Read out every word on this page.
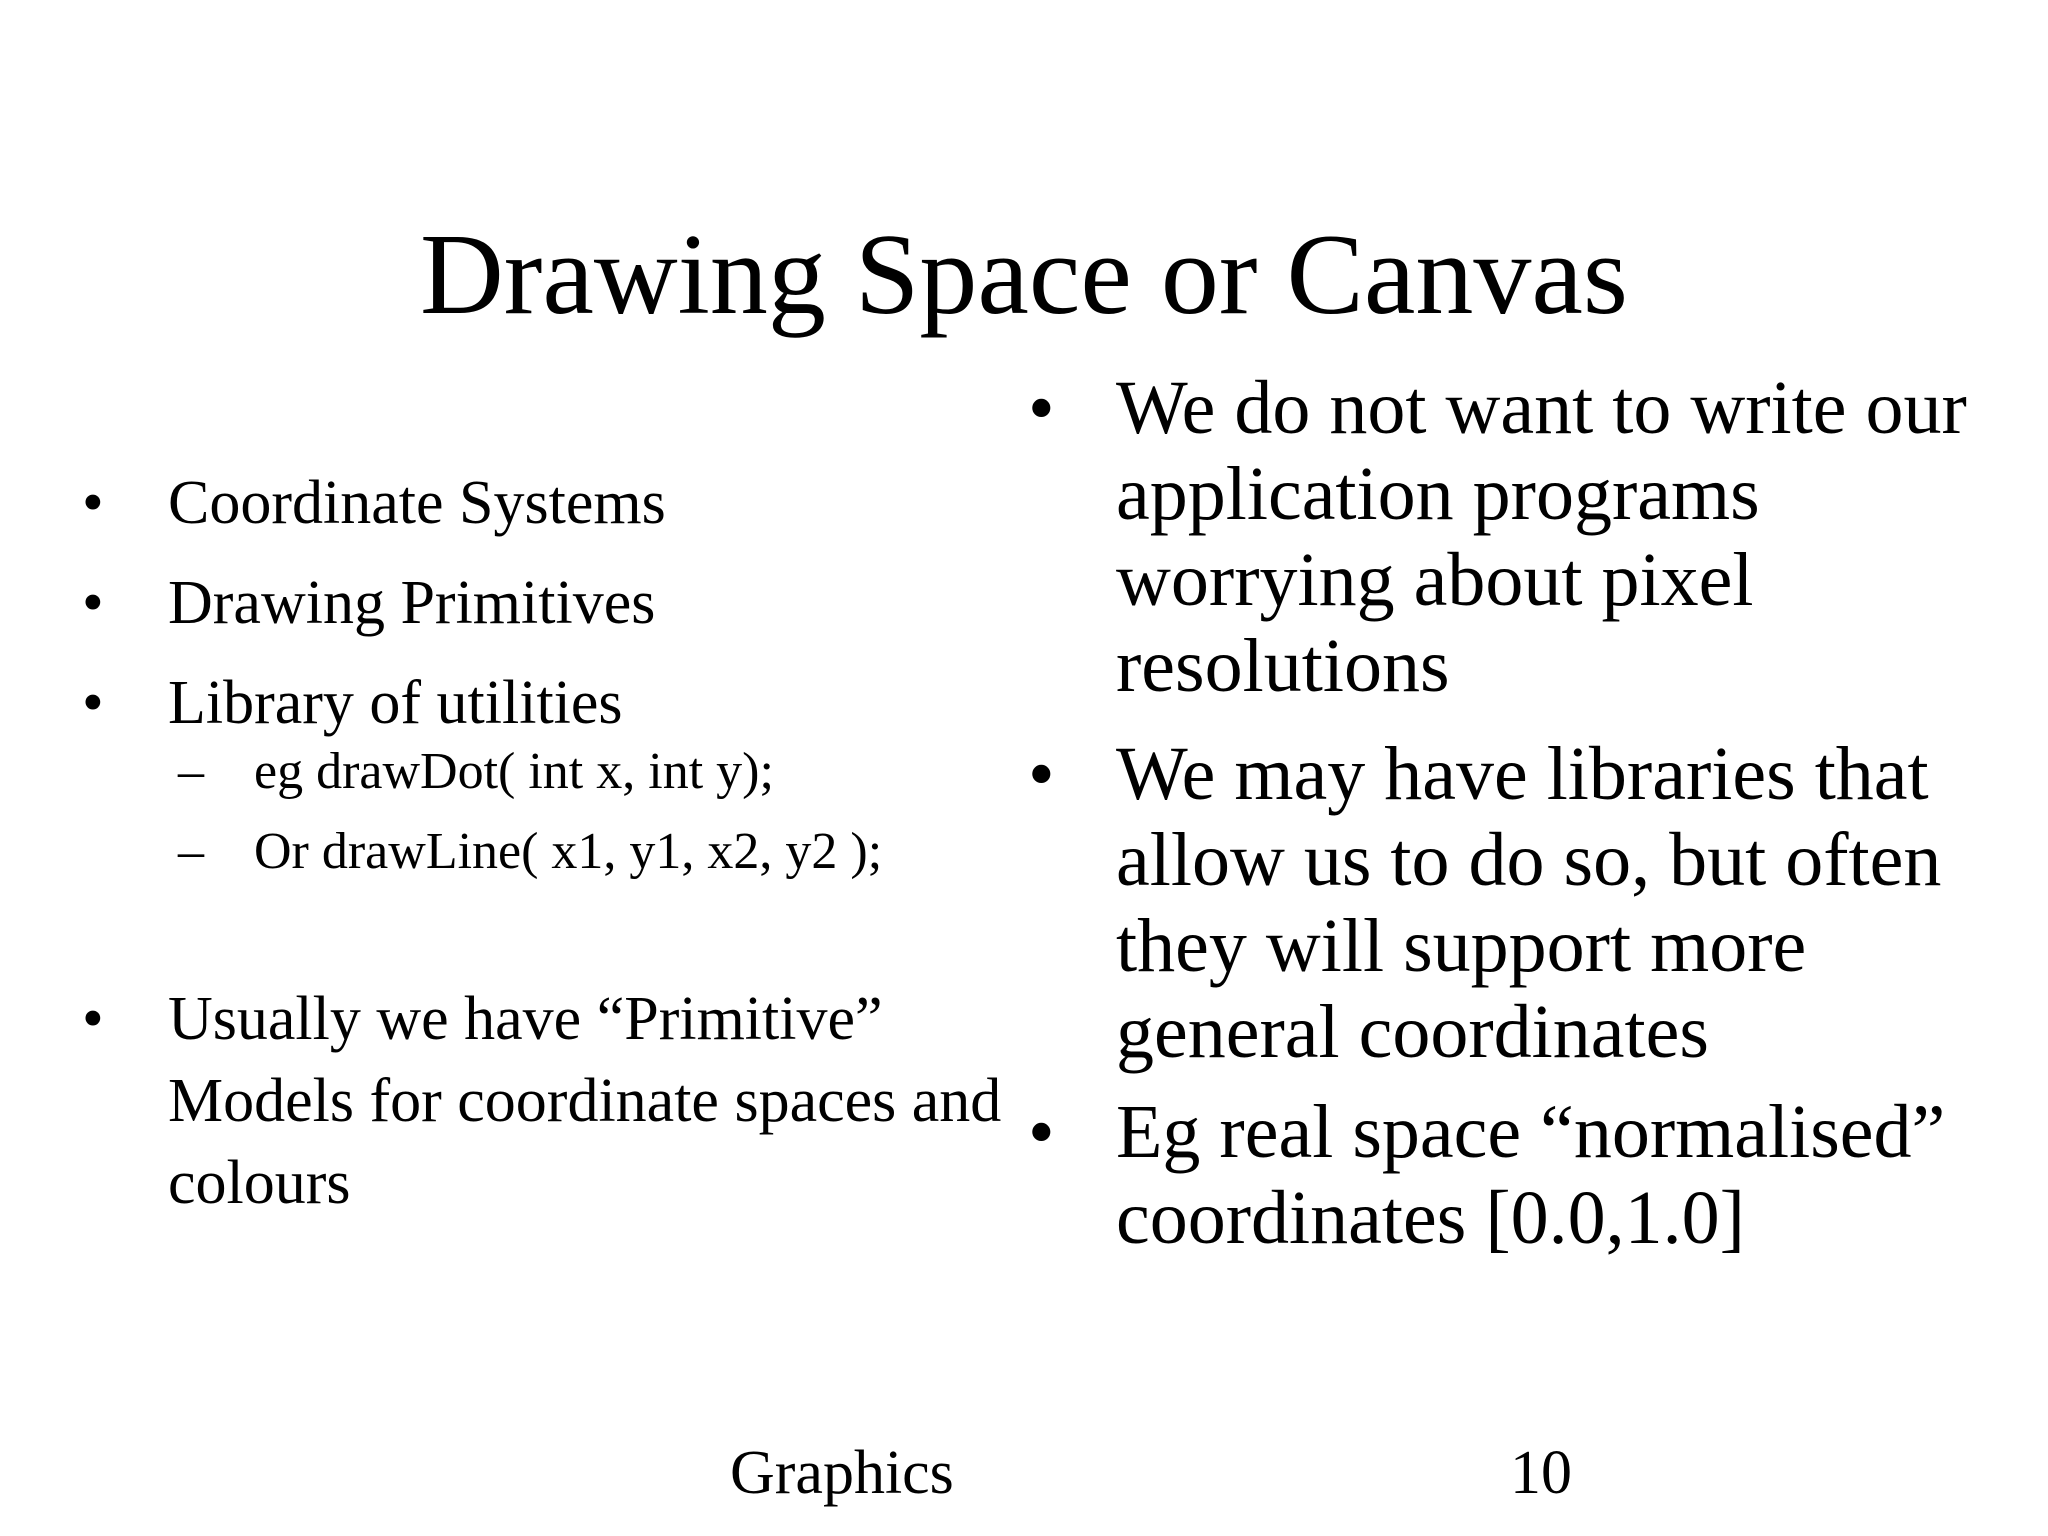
Drawing Space or Canvas
• Coordinate Systems
• Drawing Primitives
• Library of utilities
– eg drawDot( int x, int y);
– Or drawLine( x1, y1, x2, y2 );
• Usually we have “Primitive” Models for coordinate spaces and colours
• We do not want to write our application programs worrying about pixel resolutions
• We may have libraries that allow us to do so, but often they will support more general coordinates
• Eg real space “normalised” coordinates [0.0,1.0]
Graphics	10
